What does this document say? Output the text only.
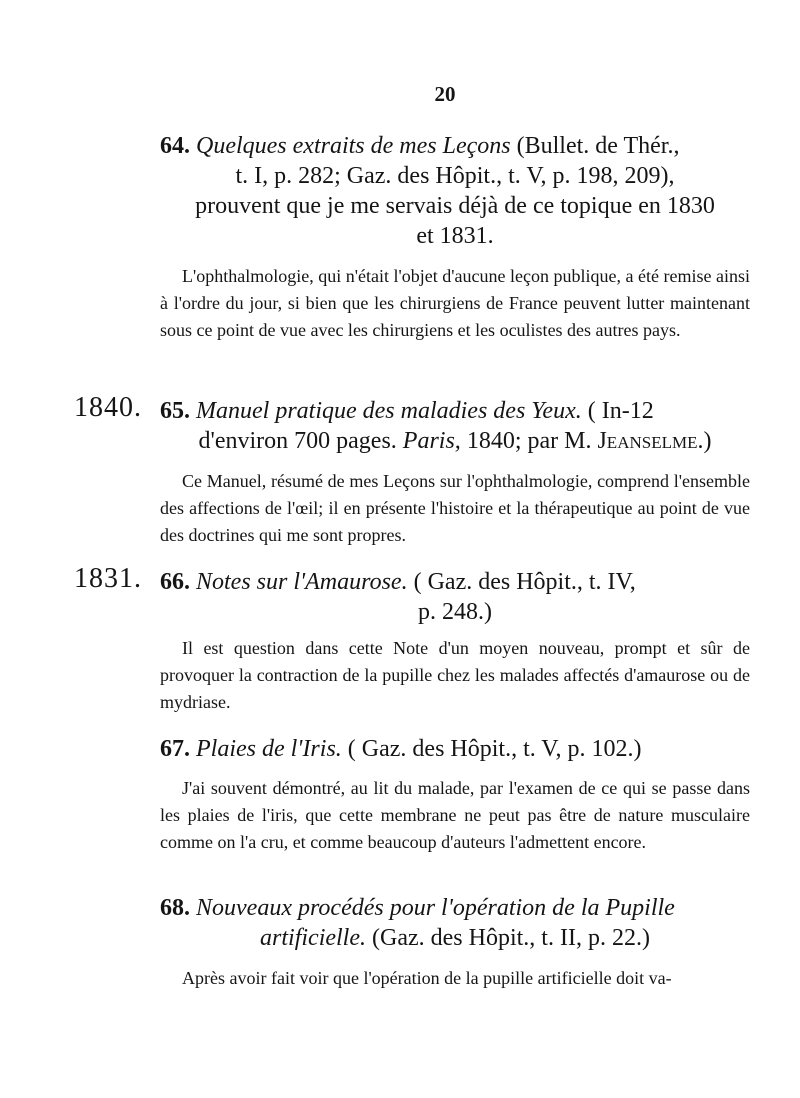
20
64. Quelques extraits de mes Leçons (Bullet. de Thér.,
t. I, p. 282; Gaz. des Hôpit., t. V, p. 198, 209),
prouvent que je me servais déjà de ce topique en 1830
et 1831.

L'ophthalmologie, qui n'était l'objet d'aucune leçon publique, a été remise ainsi à l'ordre du jour, si bien que les chirurgiens de France peuvent lutter maintenant sous ce point de vue avec les chirurgiens et les oculistes des autres pays.

1840. 65. Manuel pratique des maladies des Yeux. ( In-12
d'environ 700 pages. Paris, 1840; par M. Jeanselme.)

Ce Manuel, résumé de mes Leçons sur l'ophthalmologie, comprend l'ensemble des affections de l'œil; il en présente l'histoire et la thérapeutique au point de vue des doctrines qui me sont propres.

1831. 66. Notes sur l'Amaurose. ( Gaz. des Hôpit., t. IV,
p. 248.)

Il est question dans cette Note d'un moyen nouveau, prompt et sûr de provoquer la contraction de la pupille chez les malades affectés d'amaurose ou de mydriase.

67. Plaies de l'Iris. ( Gaz. des Hôpit., t. V, p. 102.)

J'ai souvent démontré, au lit du malade, par l'examen de ce qui se passe dans les plaies de l'iris, que cette membrane ne peut pas être de nature musculaire comme on l'a cru, et comme beaucoup d'auteurs l'admettent encore.

68. Nouveaux procédés pour l'opération de la Pupille
artificielle. (Gaz. des Hôpit., t. II, p. 22.)

Après avoir fait voir que l'opération de la pupille artificielle doit va-
